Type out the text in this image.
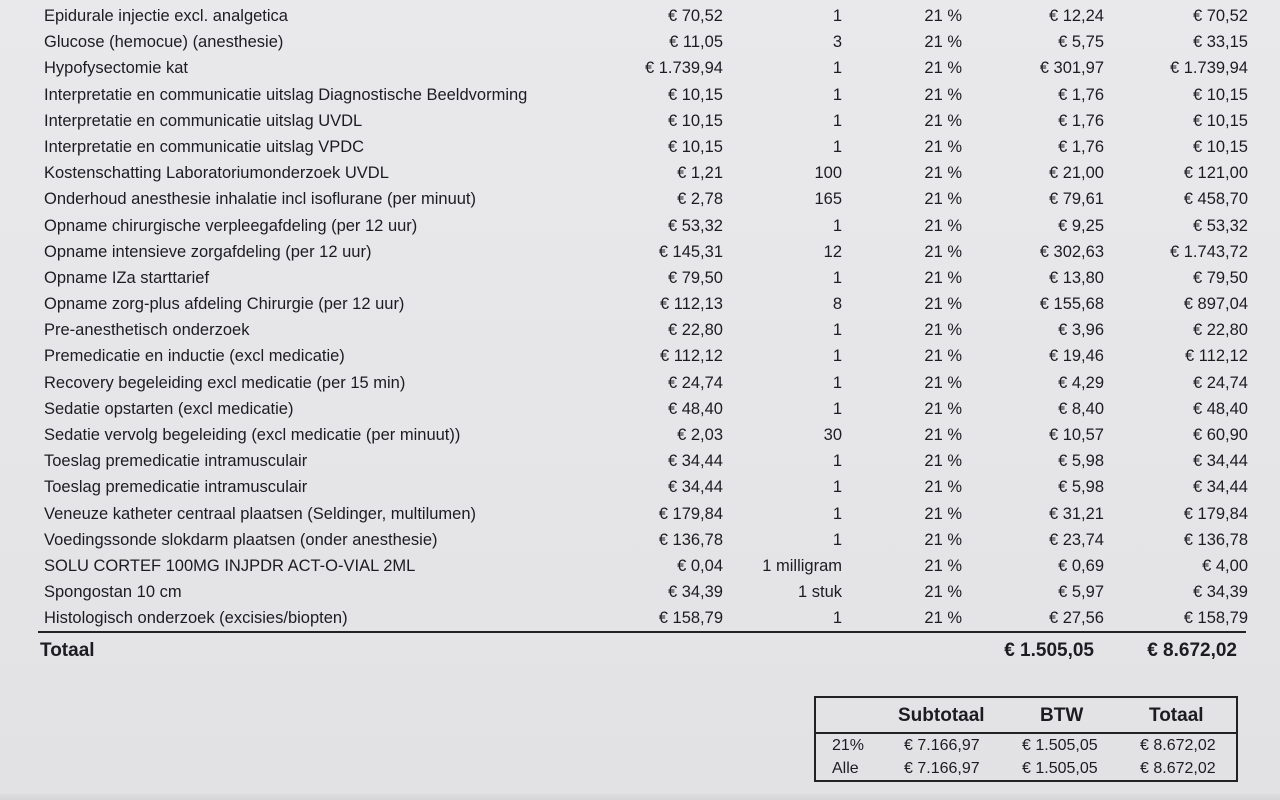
Epidurale injectie excl. analgetica	€ 70,52	1	21 %	€ 12,24	€ 70,52
Glucose (hemocue) (anesthesie)	€ 11,05	3	21 %	€ 5,75	€ 33,15
Hypofysectomie kat	€ 1.739,94	1	21 %	€ 301,97	€ 1.739,94
Interpretatie en communicatie uitslag Diagnostische Beeldvorming	€ 10,15	1	21 %	€ 1,76	€ 10,15
Interpretatie en communicatie uitslag UVDL	€ 10,15	1	21 %	€ 1,76	€ 10,15
Interpretatie en communicatie uitslag VPDC	€ 10,15	1	21 %	€ 1,76	€ 10,15
Kostenschatting Laboratoriumonderzoek UVDL	€ 1,21	100	21 %	€ 21,00	€ 121,00
Onderhoud anesthesie inhalatie incl isoflurane (per minuut)	€ 2,78	165	21 %	€ 79,61	€ 458,70
Opname chirurgische verpleegafdeling (per 12 uur)	€ 53,32	1	21 %	€ 9,25	€ 53,32
Opname intensieve zorgafdeling (per 12 uur)	€ 145,31	12	21 %	€ 302,63	€ 1.743,72
Opname IZa starttarief	€ 79,50	1	21 %	€ 13,80	€ 79,50
Opname zorg-plus afdeling Chirurgie (per 12 uur)	€ 112,13	8	21 %	€ 155,68	€ 897,04
Pre-anesthetisch onderzoek	€ 22,80	1	21 %	€ 3,96	€ 22,80
Premedicatie en inductie (excl medicatie)	€ 112,12	1	21 %	€ 19,46	€ 112,12
Recovery begeleiding excl medicatie (per 15 min)	€ 24,74	1	21 %	€ 4,29	€ 24,74
Sedatie opstarten (excl medicatie)	€ 48,40	1	21 %	€ 8,40	€ 48,40
Sedatie vervolg begeleiding (excl medicatie (per minuut))	€ 2,03	30	21 %	€ 10,57	€ 60,90
Toeslag premedicatie intramusculair	€ 34,44	1	21 %	€ 5,98	€ 34,44
Toeslag premedicatie intramusculair	€ 34,44	1	21 %	€ 5,98	€ 34,44
Veneuze katheter centraal plaatsen (Seldinger, multilumen)	€ 179,84	1	21 %	€ 31,21	€ 179,84
Voedingssonde slokdarm plaatsen (onder anesthesie)	€ 136,78	1	21 %	€ 23,74	€ 136,78
SOLU CORTEF 100MG INJPDR ACT-O-VIAL 2ML	€ 0,04 1 milligram	21 %	€ 0,69	€ 4,00
Spongostan 10 cm	€ 34,39	1 stuk	21 %	€ 5,97	€ 34,39
Histologisch onderzoek (excisies/biopten)	€ 158,79	1	21 %	€ 27,56	€ 158,79
Totaal	€ 1.505,05	€ 8.672,02
Subtotaal	BTW	Totaal
21% € 7.166,97	€ 1.505,05	€ 8.672,02
Alle	€ 7.166,97	€ 1.505,05	€ 8.672,02
